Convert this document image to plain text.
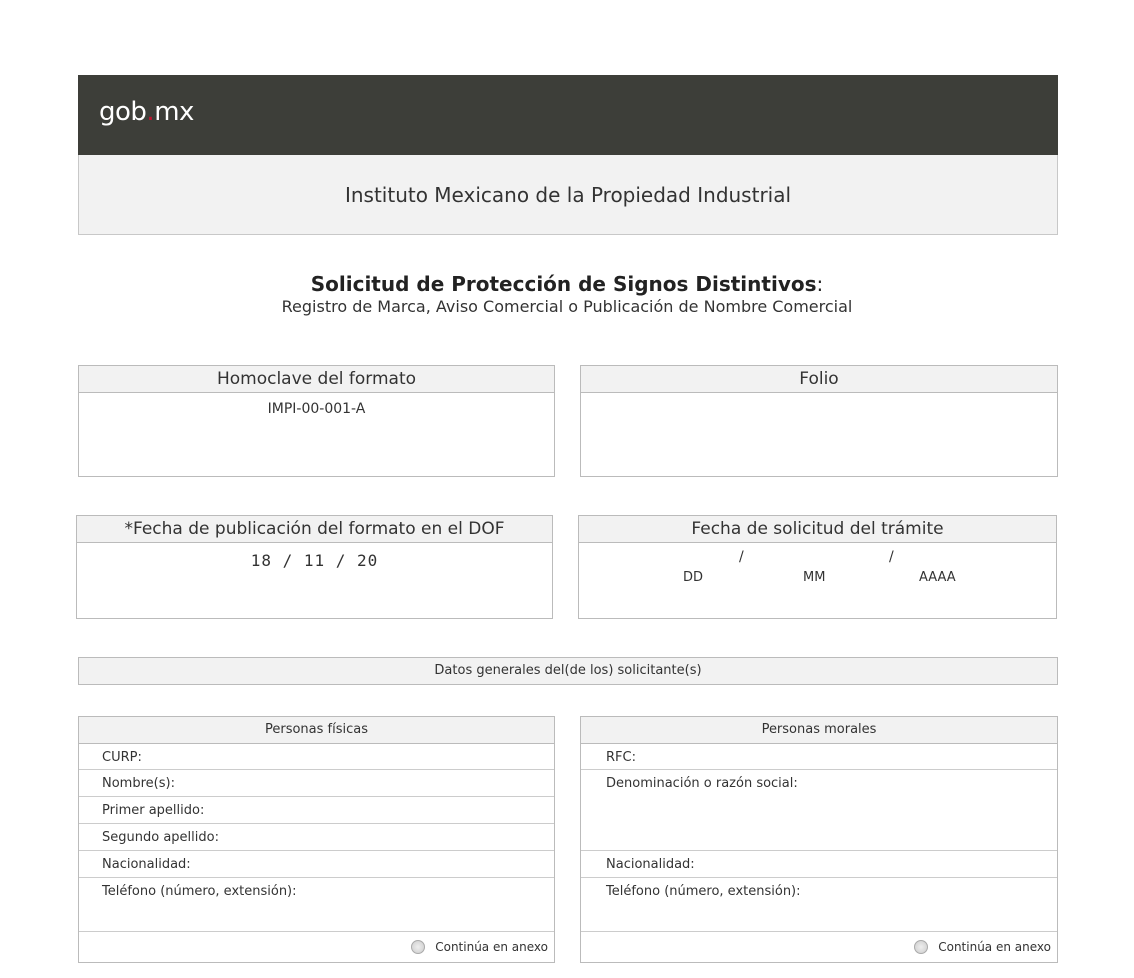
gob.mx
Instituto Mexicano de la Propiedad Industrial
Solicitud de Protección de Signos Distintivos:
Registro de Marca, Aviso Comercial o Publicación de Nombre Comercial
Homoclave del formato
IMPI-00-001-A
Folio
*Fecha de publicación del formato en el DOF
18 / 11 / 20
Fecha de solicitud del trámite
/	/
DD	MM	AAAA
Datos generales del(de los) solicitante(s)
Personas físicas
CURP:
Nombre(s):
Primer apellido:
Segundo apellido:
Nacionalidad:
Teléfono (número, extensión):
Continúa en anexo
Personas morales
RFC:
Denominación o razón social:
Nacionalidad:
Teléfono (número, extensión):
Continúa en anexo
